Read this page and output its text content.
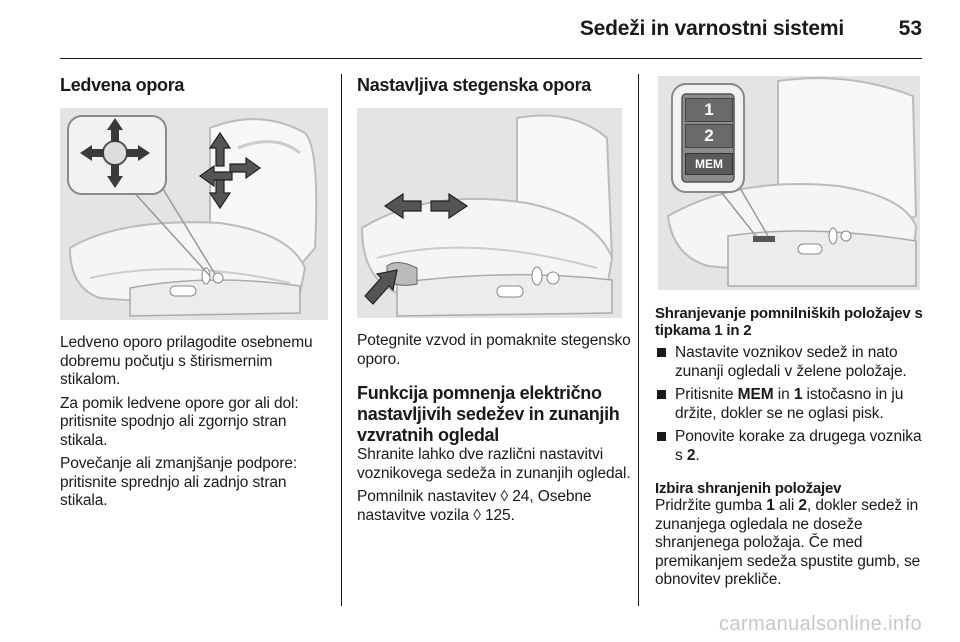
Sedeži in varnostni sistemi	53
Ledvena opora

Ledveno oporo prilagodite osebnemu dobremu počutju s štirismernim stikalom.

Za pomik ledvene opore gor ali dol: pritisnite spodnjo ali zgornjo stran stikala.

Povečanje ali zmanjšanje podpore: pritisnite sprednjo ali zadnjo stran stikala.

Nastavljiva stegenska opora

Potegnite vzvod in pomaknite stegensko oporo.

Funkcija pomnenja električno nastavljivih sedežev in zunanjih vzvratnih ogledal

Shranite lahko dve različni nastavitvi voznikovega sedeža in zunanjih ogledal.

Pomnilnik nastavitev ◊ 24, Osebne nastavitve vozila ◊ 125.

1
2
MEM
Shranjevanje pomnilniških položajev s tipkama 1 in 2
Nastavite voznikov sedež in nato zunanji ogledali v želene položaje.
Pritisnite MEM in 1 istočasno in ju držite, dokler se ne oglasi pisk.
Ponovite korake za drugega voznika s 2.
Izbira shranjenih položajev

Pridržite gumba 1 ali 2, dokler sedež in zunanjega ogledala ne doseže shranjenega položaja. Če med premikanjem sedeža spustite gumb, se obnovitev prekliče.

carmanualsonline.info
